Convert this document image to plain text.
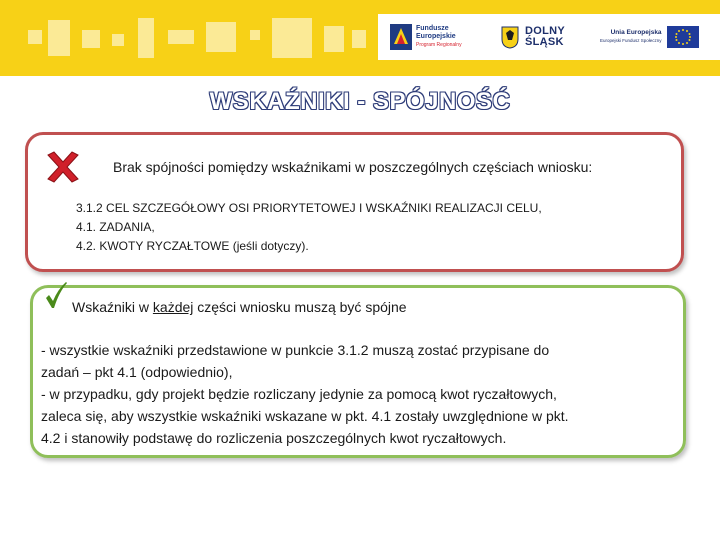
Fundusze
Europejskie
Program Regionalny
DOLNY
ŚLĄSK
Unia Europejska
Europejski Fundusz Społeczny
WSKAŹNIKI - SPÓJNOŚĆ
Brak spójności pomiędzy wskaźnikami w poszczególnych częściach wniosku:
3.1.2 CEL SZCZEGÓŁOWY OSI PRIORYTETOWEJ I WSKAŹNIKI REALIZACJI CELU,
4.1. ZADANIA,
4.2. KWOTY RYCZAŁTOWE (jeśli dotyczy).
Wskaźniki w każdej części wniosku muszą być spójne
- wszystkie wskaźniki przedstawione w punkcie 3.1.2 muszą zostać przypisane do
zadań – pkt 4.1 (odpowiednio),
- w przypadku, gdy projekt będzie rozliczany jedynie za pomocą kwot ryczałtowych,
zaleca się, aby wszystkie wskaźniki wskazane w pkt. 4.1 zostały uwzględnione w pkt.
4.2 i stanowiły podstawę do rozliczenia poszczególnych kwot ryczałtowych.
